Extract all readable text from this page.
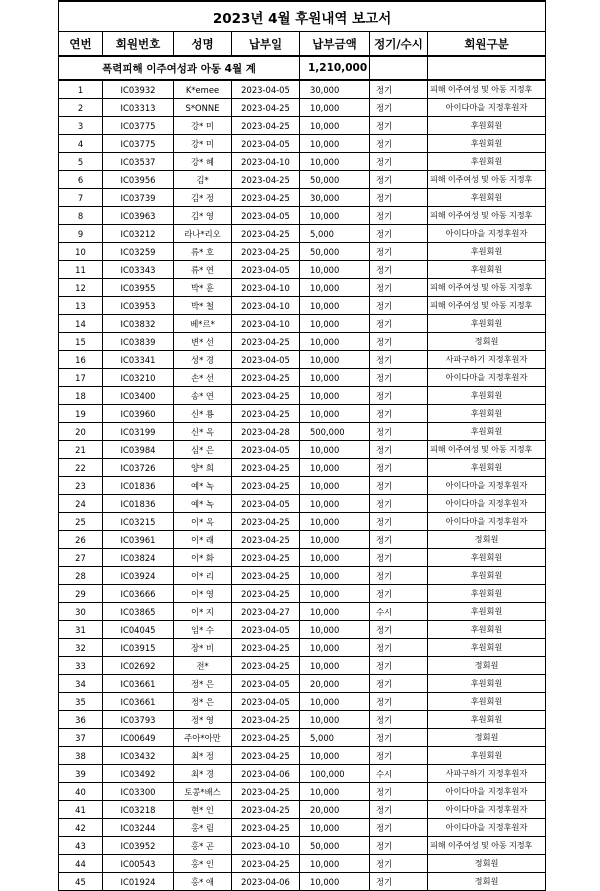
2023년 4월 후원내역 보고서						
연번	회원번호	성명	납부일	납부금액	정기/수시	회원구분
폭력피해 이주여성과 아동 4월 계				1,210,000		
1	IC03932	K*emee	2023-04-05	30,000	정기	피해 이주여성 및 아동 지정후
2	IC03313	S*ONNE	2023-04-25	10,000	정기	아이다마을 지정후원자
3	IC03775	강* 미	2023-04-25	10,000	정기	후원회원
4	IC03775	강* 미	2023-04-05	10,000	정기	후원회원
5	IC03537	강* 혜	2023-04-10	10,000	정기	후원회원
6	IC03956	김*	2023-04-25	50,000	정기	피해 이주여성 및 아동 지정후
7	IC03739	김* 정	2023-04-25	30,000	정기	후원회원
8	IC03963	김* 영	2023-04-05	10,000	정기	피해 이주여성 및 아동 지정후
9	IC03212	라나*리오	2023-04-25	5,000	정기	아이다마을 지정후원자
10	IC03259	류* 호	2023-04-25	50,000	정기	후원회원
11	IC03343	류* 연	2023-04-05	10,000	정기	후원회원
12	IC03955	박* 훈	2023-04-10	10,000	정기	피해 이주여성 및 아동 지정후
13	IC03953	박* 철	2023-04-10	10,000	정기	피해 이주여성 및 아동 지정후
14	IC03832	베*르*	2023-04-10	10,000	정기	후원회원
15	IC03839	변* 선	2023-04-25	10,000	정기	정회원
16	IC03341	성* 경	2023-04-05	10,000	정기	사파구하기 지정후원자
17	IC03210	손* 선	2023-04-25	10,000	정기	아이다마을 지정후원자
18	IC03400	송* 연	2023-04-25	10,000	정기	후원회원
19	IC03960	신* 룡	2023-04-25	10,000	정기	후원회원
20	IC03199	신* 옥	2023-04-28	500,000	정기	후원회원
21	IC03984	심* 은	2023-04-05	10,000	정기	피해 이주여성 및 아동 지정후
22	IC03726	양* 희	2023-04-25	10,000	정기	후원회원
23	IC01836	예* 녹	2023-04-25	10,000	정기	아이다마을 지정후원자
24	IC01836	예* 녹	2023-04-05	10,000	정기	아이다마을 지정후원자
25	IC03215	이* 옥	2023-04-25	10,000	정기	아이다마을 지정후원자
26	IC03961	이* 래	2023-04-25	10,000	정기	정회원
27	IC03824	이* 화	2023-04-25	10,000	정기	후원회원
28	IC03924	이* 리	2023-04-25	10,000	정기	후원회원
29	IC03666	이* 영	2023-04-25	10,000	정기	후원회원
30	IC03865	이* 지	2023-04-27	10,000	수시	후원회원
31	IC04045	임* 수	2023-04-05	10,000	정기	후원회원
32	IC03915	장* 비	2023-04-25	10,000	정기	후원회원
33	IC02692	전*	2023-04-25	10,000	정기	정회원
34	IC03661	정* 은	2023-04-05	20,000	정기	후원회원
35	IC03661	정* 은	2023-04-05	10,000	정기	후원회원
36	IC03793	정* 영	2023-04-25	10,000	정기	후원회원
37	IC00649	주아*아만	2023-04-25	5,000	정기	정회원
38	IC03432	최* 정	2023-04-25	10,000	정기	후원회원
39	IC03492	최* 경	2023-04-06	100,000	수시	사파구하기 지정후원자
40	IC03300	토콩*배스	2023-04-25	10,000	정기	아이다마을 지정후원자
41	IC03218	현* 인	2023-04-25	20,000	정기	아이다마을 지정후원자
42	IC03244	홍* 림	2023-04-25	10,000	정기	아이다마을 지정후원자
43	IC03952	홍* 곤	2023-04-10	50,000	정기	피해 이주여성 및 아동 지정후
44	IC00543	홍* 인	2023-04-25	10,000	정기	정회원
45	IC01924	홍* 애	2023-04-06	10,000	정기	정회원
